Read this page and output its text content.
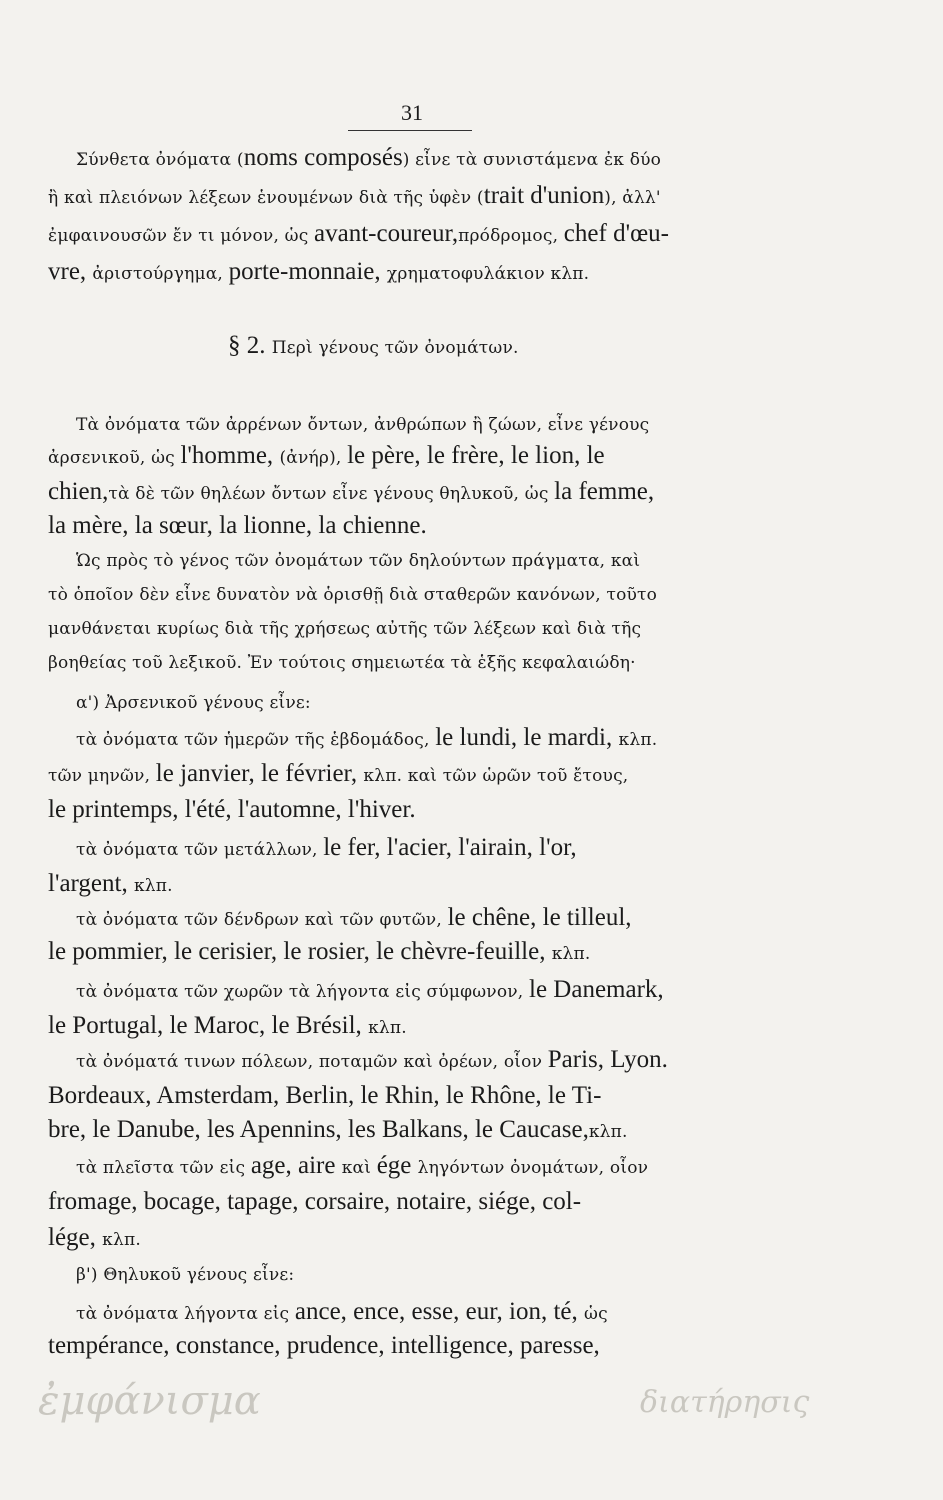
31
Σύνθετα ὀνόματα (noms composés) εἶνε τὰ συνιστάμενα ἐκ δύο
ἢ καὶ πλειόνων λέξεων ἑνουμένων διὰ τῆς ὑφὲν (trait d'union), ἀλλ'
ἐμφαινουσῶν ἔν τι μόνον, ὡς avant-coureur,πρόδρομος, chef d'œu-
vre, ἀριστούργημα, porte-monnaie, χρηματοφυλάκιον κλπ.
§ 2. Περὶ γένους τῶν ὀνομάτων.
Τὰ ὀνόματα τῶν ἀρρένων ὄντων, ἀνθρώπων ἢ ζώων, εἶνε γένους
ἀρσενικοῦ, ὡς l'homme, (ἀνήρ), le père, le frère, le lion, le
chien,τὰ δὲ τῶν θηλέων ὄντων εἶνε γένους θηλυκοῦ, ὡς la femme,
la mère, la sœur, la lionne, la chienne.
Ὡς πρὸς τὸ γένος τῶν ὀνομάτων τῶν δηλούντων πράγματα, καὶ
τὸ ὁποῖον δὲν εἶνε δυνατὸν νὰ ὁρισθῇ διὰ σταθερῶν κανόνων, τοῦτο
μανθάνεται κυρίως διὰ τῆς χρήσεως αὐτῆς τῶν λέξεων καὶ διὰ τῆς
βοηθείας τοῦ λεξικοῦ. Ἐν τούτοις σημειωτέα τὰ ἑξῆς κεφαλαιώδη·
α') Ἀρσενικοῦ γένους εἶνε:
τὰ ὀνόματα τῶν ἡμερῶν τῆς ἑβδομάδος, le lundi, le mardi, κλπ.
τῶν μηνῶν, le janvier, le février, κλπ. καὶ τῶν ὡρῶν τοῦ ἔτους,
le printemps, l'été, l'automne, l'hiver.
τὰ ὀνόματα τῶν μετάλλων, le fer, l'acier, l'airain, l'or,
l'argent, κλπ.
τὰ ὀνόματα τῶν δένδρων καὶ τῶν φυτῶν, le chêne, le tilleul,
le pommier, le cerisier, le rosier, le chèvre-feuille, κλπ.
τὰ ὀνόματα τῶν χωρῶν τὰ λήγοντα εἰς σύμφωνον, le Danemark,
le Portugal, le Maroc, le Brésil, κλπ.
τὰ ὀνόματά τινων πόλεων, ποταμῶν καὶ ὀρέων, οἷον Paris, Lyon.
Bordeaux, Amsterdam, Berlin, le Rhin, le Rhône, le Ti-
bre, le Danube, les Apennins, les Balkans, le Caucase,κλπ.
τὰ πλεῖστα τῶν εἰς age, aire καὶ ége ληγόντων ὀνομάτων, οἷον
fromage, bocage, tapage, corsaire, notaire, siége, col-
lége, κλπ.
β') Θηλυκοῦ γένους εἶνε:
τὰ ὀνόματα λήγοντα εἰς ance, ence, esse, eur, ion, té, ὡς
tempérance, constance, prudence, intelligence, paresse,
ἐμφάνισμα	διατήρησις
